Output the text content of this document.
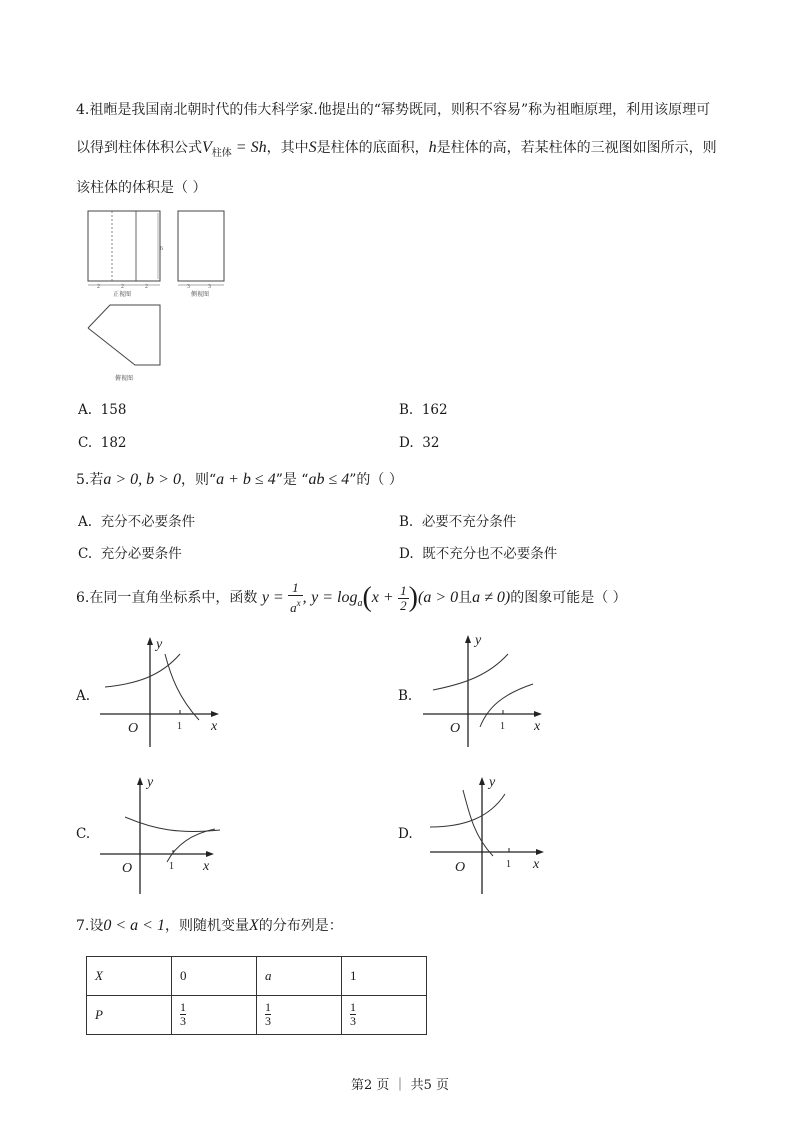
4.祖暅是我国南北朝时代的伟大科学家.他提出的“幂势既同，则积不容易”称为祖暅原理，利用该原理可
以得到柱体体积公式$V_{柱体} = Sh$，其中S是柱体的底面积，h是柱体的高，若某柱体的三视图如图所示，则
该柱体的体积是（ ）
6
2	2	2
正视图
3	3
侧视图
俯视图
A. 158	B. 162
C. 182	D. 32
5.若a > 0, b > 0，则“a + b ≤ 4”是 “ab ≤ 4”的（ ）
A. 充分不必要条件	B. 必要不充分条件
C. 充分必要条件	D. 既不充分也不必要条件
6.在同一直角坐标系中，函数 $y = \frac{1}{a^x}$ , $y = \log_a(x + \frac{1}{2} )(a > 0$且a ≠ 0)的图象可能是（ ）
A.	B.
C.	D.
y
x
O	1
y
x
O	1
y
x
O	1
y
x
O	1
7.设0 < a < 1，则随机变量X的分布列是：
X	0	a	1
P	$\frac{1}{3}$	$\frac{1}{3}$	$\frac{1}{3}$
第2 页 ｜ 共5 页
